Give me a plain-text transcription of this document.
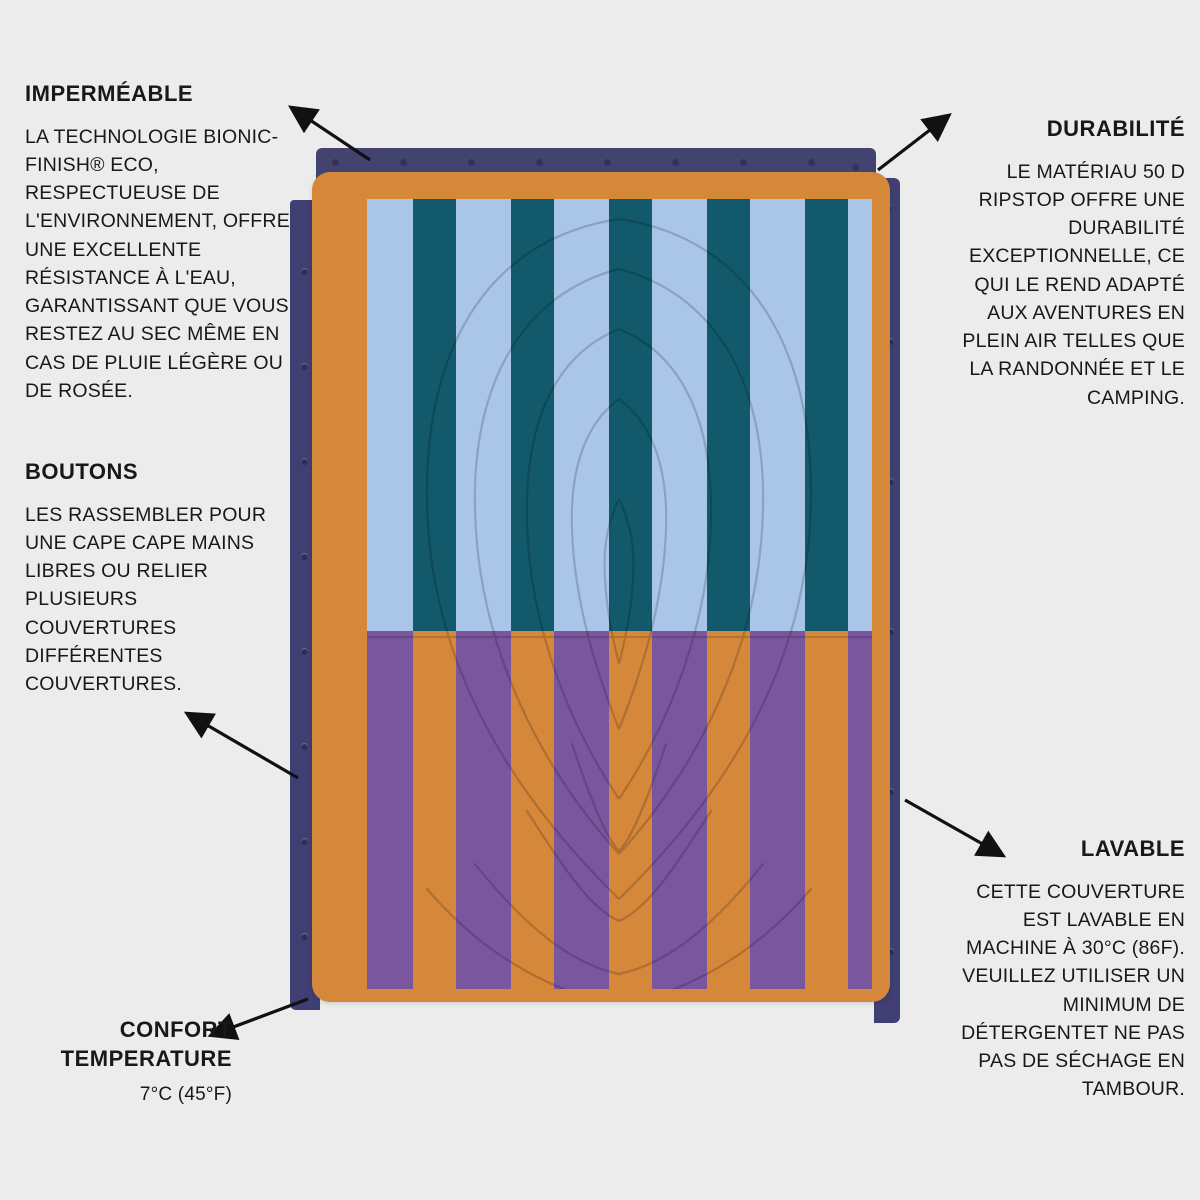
IMPERMÉABLE
LA TECHNOLOGIE BIONIC-FINISH® ECO, RESPECTUEUSE DE L'ENVIRONNEMENT, OFFRE UNE EXCELLENTE RÉSISTANCE À L'EAU, GARANTISSANT QUE VOUS RESTEZ AU SEC MÊME EN CAS DE PLUIE LÉGÈRE OU DE ROSÉE.
BOUTONS
LES RASSEMBLER POUR UNE CAPE CAPE MAINS LIBRES OU RELIER PLUSIEURS COUVERTURES DIFFÉRENTES COUVERTURES.
CONFORT TEMPERATURE
7°C (45°F)
DURABILITÉ
LE MATÉRIAU 50 D RIPSTOP OFFRE UNE DURABILITÉ EXCEPTIONNELLE, CE QUI LE REND ADAPTÉ AUX AVENTURES EN PLEIN AIR TELLES QUE LA RANDONNÉE ET LE CAMPING.
LAVABLE
CETTE COUVERTURE EST LAVABLE EN MACHINE À 30°C (86F). VEUILLEZ UTILISER UN MINIMUM DE DÉTERGENTET NE PAS PAS DE SÉCHAGE EN TAMBOUR.
